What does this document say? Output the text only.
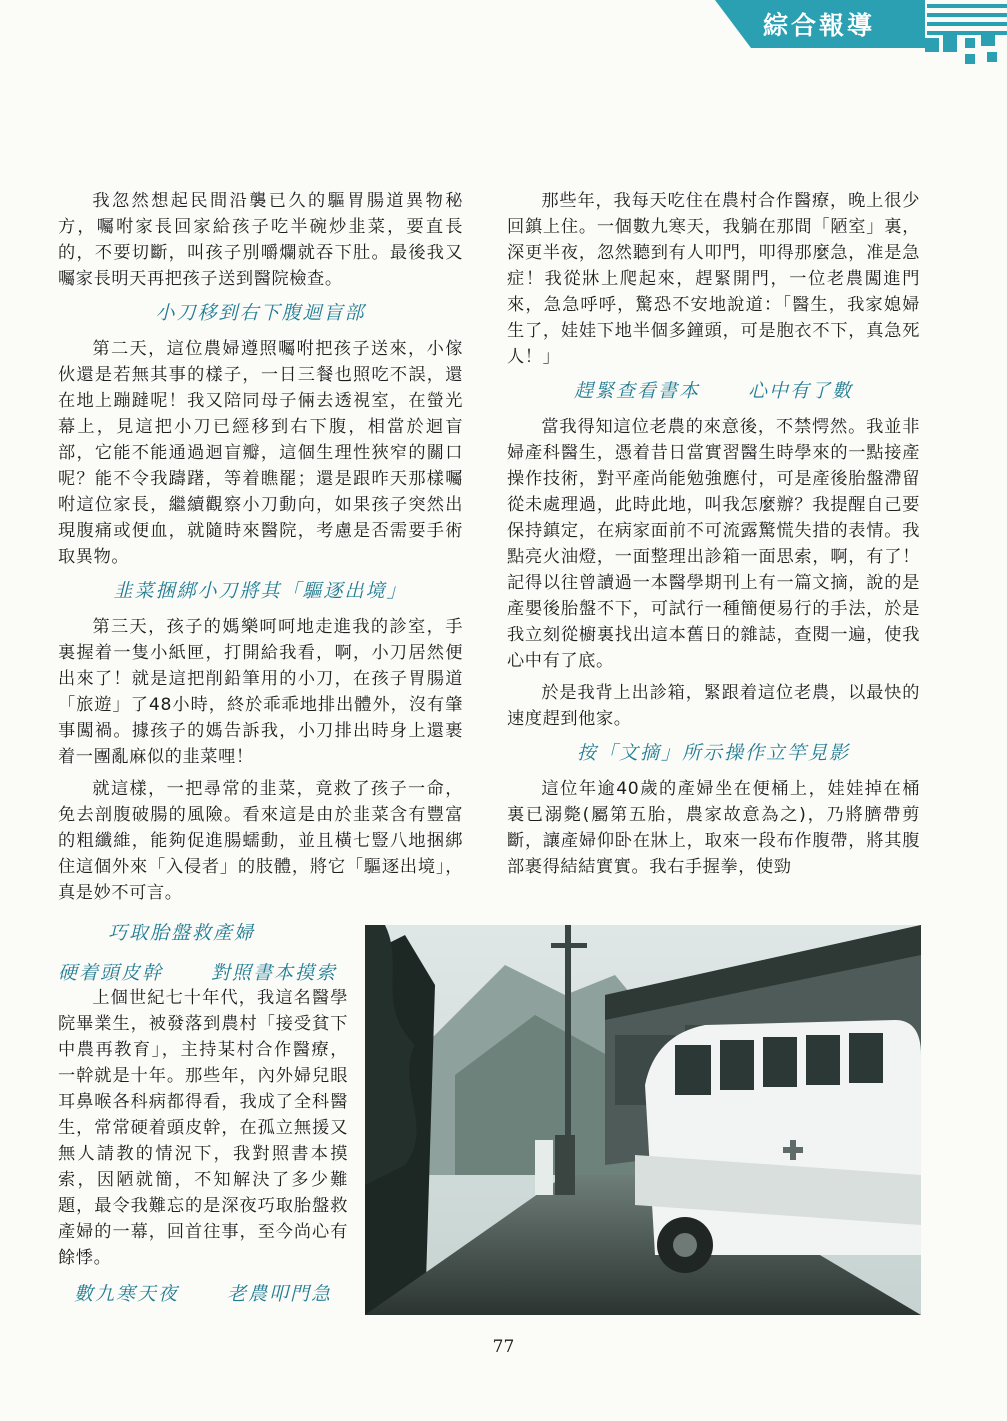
綜合報導

我忽然想起民間沿襲已久的驅胃腸道異物秘方，囑咐家長回家給孩子吃半碗炒韭菜，要直長的，不要切斷，叫孩子別嚼爛就吞下肚。最後我又囑家長明天再把孩子送到醫院檢查。

小刀移到右下腹迴盲部

第二天，這位農婦遵照囑咐把孩子送來，小傢伙還是若無其事的樣子，一日三餐也照吃不誤，還在地上蹦躂呢！我又陪同母子倆去透視室，在螢光幕上，見這把小刀已經移到右下腹，相當於迴盲部，它能不能通過迴盲瓣，這個生理性狹窄的關口呢？能不令我躊躇，等着瞧罷；還是跟昨天那樣囑咐這位家長，繼續觀察小刀動向，如果孩子突然出現腹痛或便血，就隨時來醫院，考慮是否需要手術取異物。

韭菜捆綁小刀將其「驅逐出境」

第三天，孩子的媽樂呵呵地走進我的診室，手裏握着一隻小紙匣，打開給我看，啊，小刀居然便出來了！就是這把削鉛筆用的小刀，在孩子胃腸道「旅遊」了48小時，終於乖乖地排出體外，沒有肇事闖禍。據孩子的媽告訴我，小刀排出時身上還裹着一團亂麻似的韭菜哩！

就這樣，一把尋常的韭菜，竟救了孩子一命，免去剖腹破腸的風險。看來這是由於韭菜含有豐富的粗纖維，能夠促進腸蠕動，並且橫七豎八地捆綁住這個外來「入侵者」的肢體，將它「驅逐出境」，真是妙不可言。

巧取胎盤救產婦
硬着頭皮幹	對照書本摸索

上個世紀七十年代，我這名醫學院畢業生，被發落到農村「接受貧下中農再教育」，主持某村合作醫療，一幹就是十年。那些年，內外婦兒眼耳鼻喉各科病都得看，我成了全科醫生，常常硬着頭皮幹，在孤立無援又無人請教的情況下，我對照書本摸索，因陋就簡，不知解決了多少難題，最令我難忘的是深夜巧取胎盤救產婦的一幕，回首往事，至今尚心有餘悸。

數九寒天夜	老農叩門急

那些年，我每天吃住在農村合作醫療，晚上很少回鎮上住。一個數九寒天，我躺在那間「陋室」裏，深更半夜，忽然聽到有人叩門，叩得那麼急，准是急症！我從牀上爬起來，趕緊開門，一位老農闖進門來，急急呼呼，驚恐不安地說道：「醫生，我家媳婦生了，娃娃下地半個多鐘頭，可是胞衣不下，真急死人！」

趕緊查看書本	心中有了數

當我得知這位老農的來意後，不禁愕然。我並非婦產科醫生，憑着昔日當實習醫生時學來的一點接產操作技術，對平產尚能勉強應付，可是產後胎盤滯留從未處理過，此時此地，叫我怎麼辦？我提醒自己要保持鎮定，在病家面前不可流露驚慌失措的表情。我點亮火油燈，一面整理出診箱一面思索，啊，有了！記得以往曾讀過一本醫學期刊上有一篇文摘，說的是產嬰後胎盤不下，可試行一種簡便易行的手法，於是我立刻從櫥裏找出這本舊日的雜誌，查閱一遍，使我心中有了底。

於是我背上出診箱，緊跟着這位老農，以最快的速度趕到他家。

按「文摘」所示操作立竿見影

這位年逾40歲的產婦坐在便桶上，娃娃掉在桶裏已溺斃(屬第五胎，農家故意為之)，乃將臍帶剪斷，讓產婦仰卧在牀上，取來一段布作腹帶，將其腹部裹得結結實實。我右手握拳，使勁

77
